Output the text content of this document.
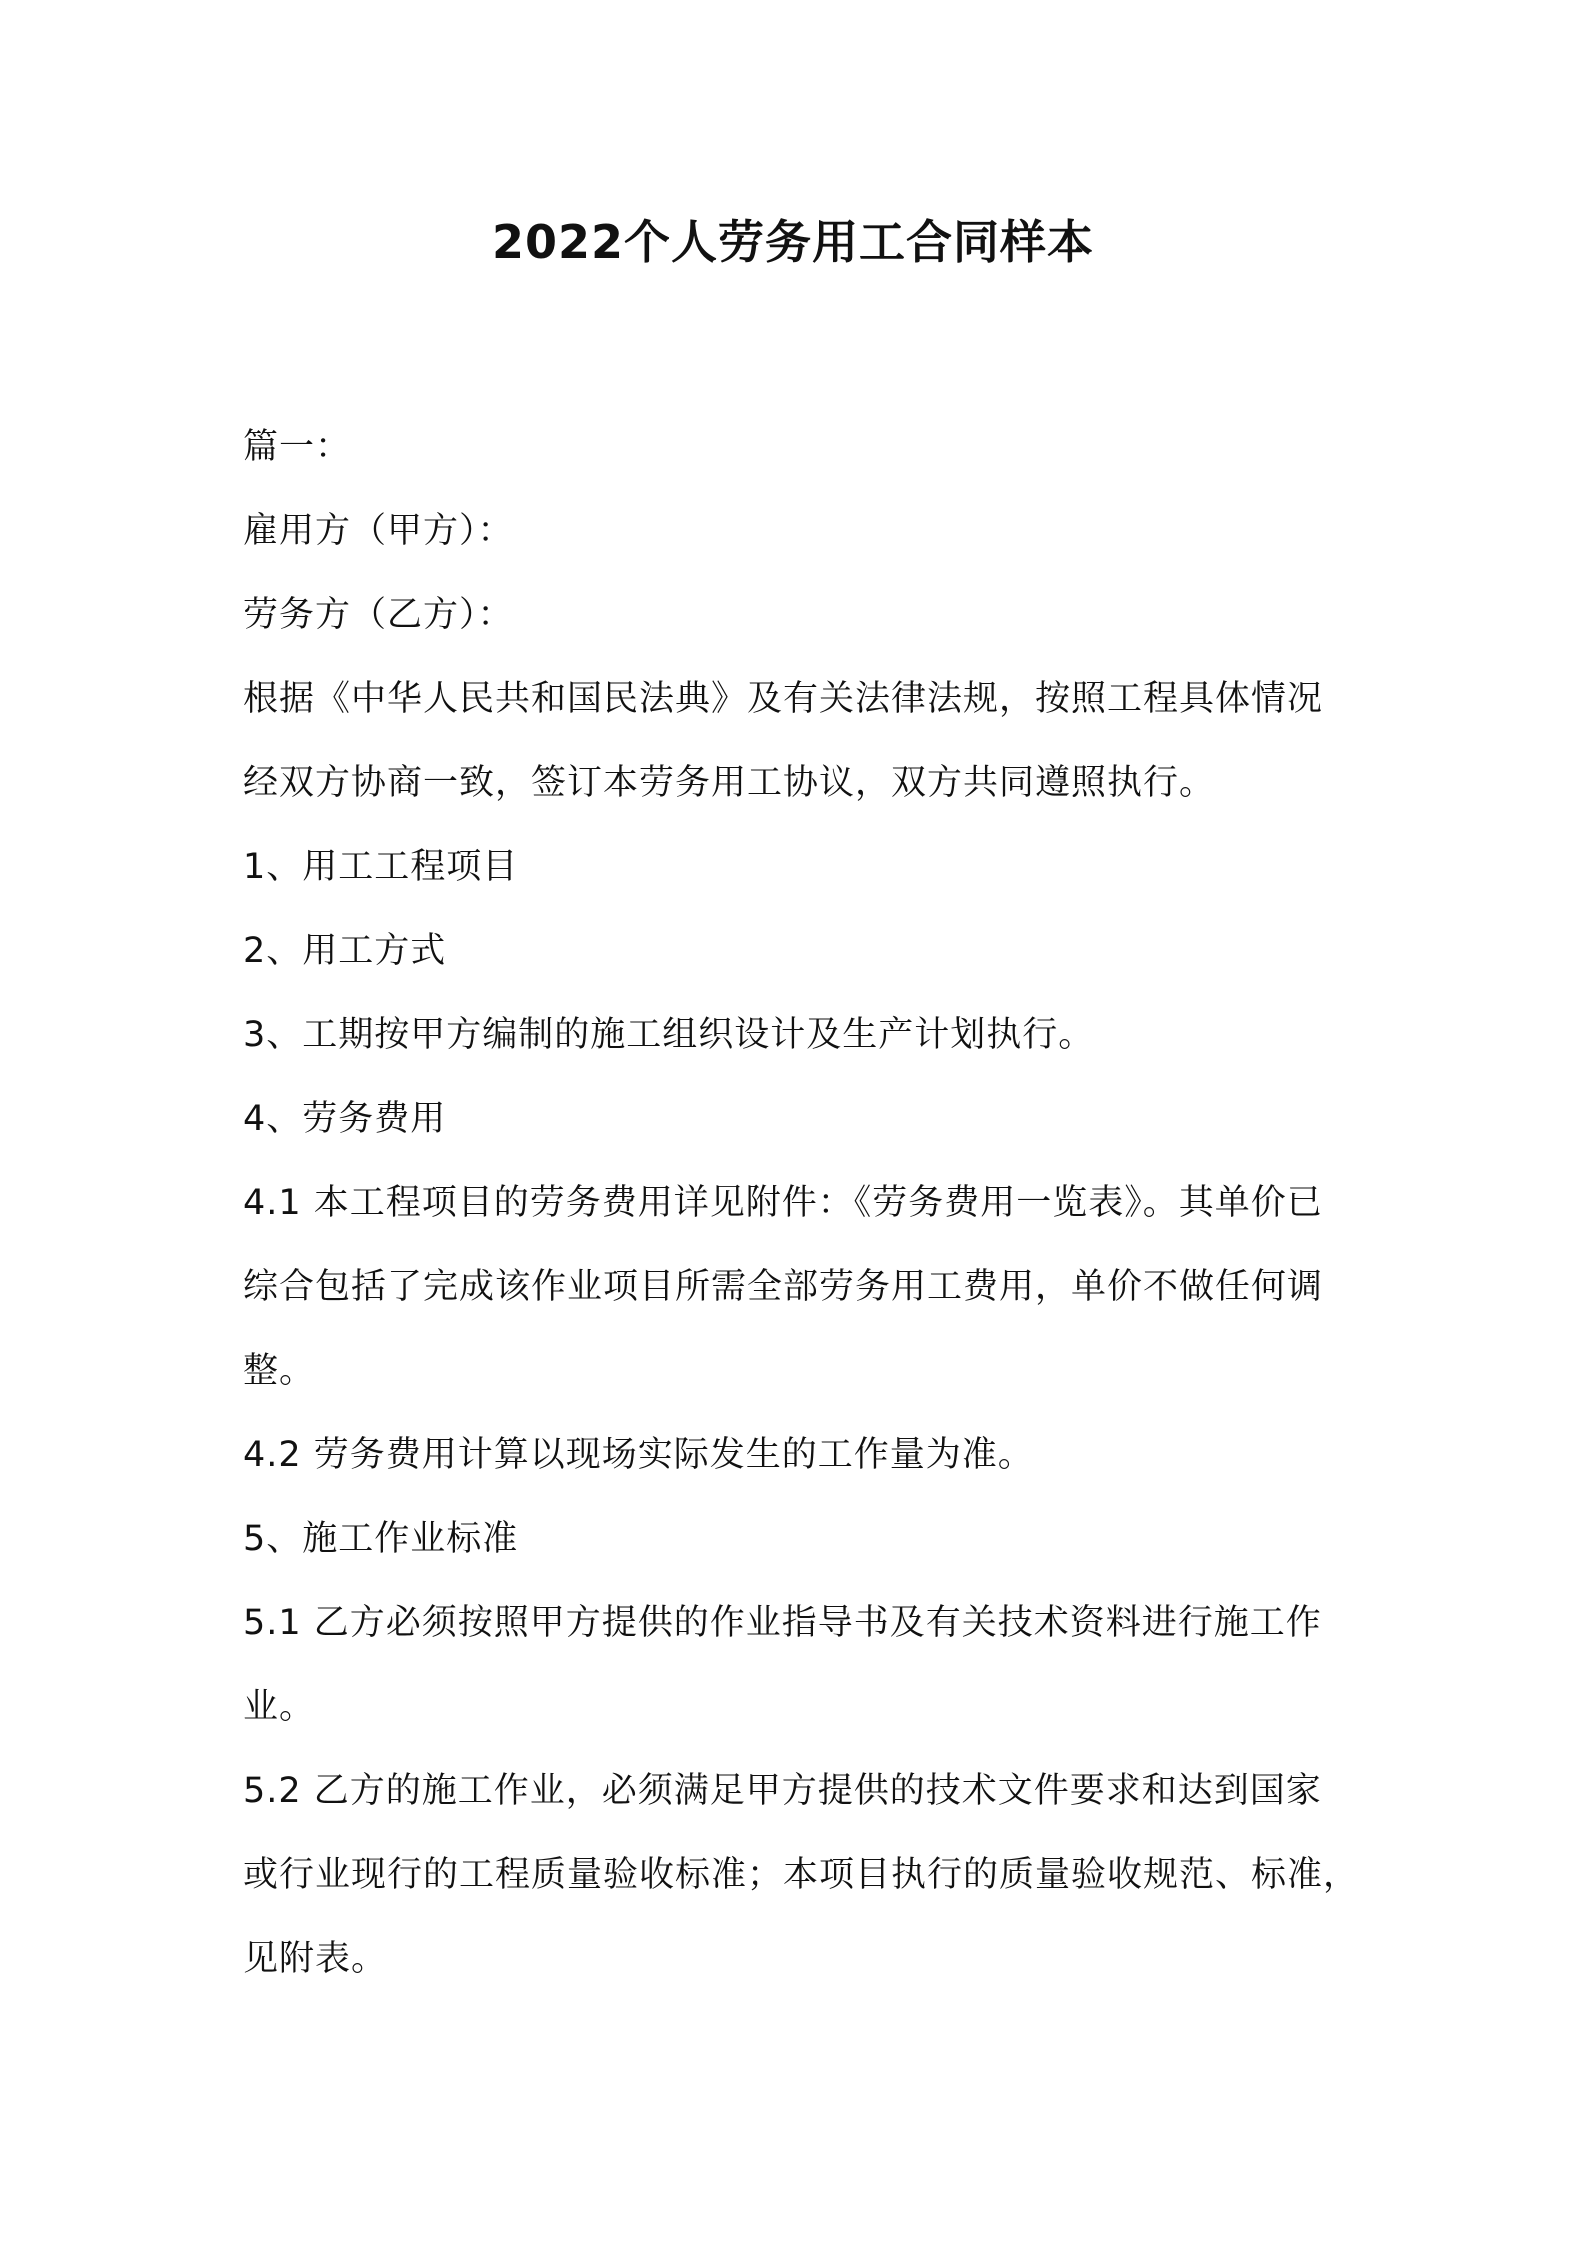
2022个人劳务用工合同样本
篇一：
雇用方（甲方）：
劳务方（乙方）：
根据《中华人民共和国民法典》及有关法律法规，按照工程具体情况
经双方协商一致，签订本劳务用工协议，双方共同遵照执行。
1、用工工程项目
2、用工方式
3、工期按甲方编制的施工组织设计及生产计划执行。
4、劳务费用
4.1 本工程项目的劳务费用详见附件：《劳务费用一览表》。其单价已
综合包括了完成该作业项目所需全部劳务用工费用，单价不做任何调
整。
4.2 劳务费用计算以现场实际发生的工作量为准。
5、施工作业标准
5.1 乙方必须按照甲方提供的作业指导书及有关技术资料进行施工作
业。
5.2 乙方的施工作业，必须满足甲方提供的技术文件要求和达到国家
或行业现行的工程质量验收标准；本项目执行的质量验收规范、标准，
见附表。
